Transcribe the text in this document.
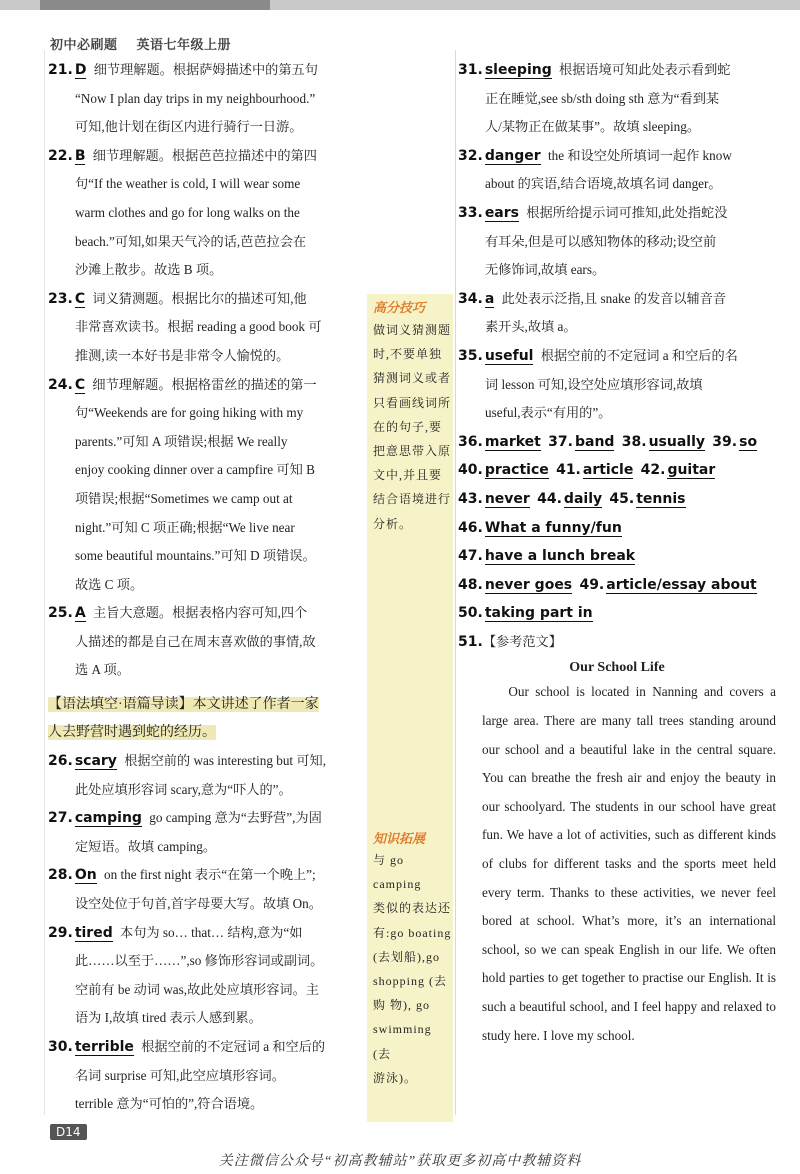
初中必刷题 英语七年级上册
高分技巧
做词义猜测题
时,不要单独
猜测词义或者
只看画线词所
在的句子,要
把意思带入原
文中,并且要
结合语境进行
分析。
知识拓展
与 go camping
类似的表达还
有:go boating
(去划船),go
shopping (去
购 物), go
swimming (去
游泳)。

21. D 细节理解题。根据萨姆描述中的第五句

“Now I plan day trips in my neighbourhood.”

可知,他计划在街区内进行骑行一日游。

22. B 细节理解题。根据芭芭拉描述中的第四

句“If the weather is cold, I will wear some

warm clothes and go for long walks on the

beach.”可知,如果天气冷的话,芭芭拉会在

沙滩上散步。故选 B 项。

23. C 词义猜测题。根据比尔的描述可知,他

非常喜欢读书。根据 reading a good book 可

推测,读一本好书是非常令人愉悦的。

24. C 细节理解题。根据格雷丝的描述的第一

句“Weekends are for going hiking with my

parents.”可知 A 项错误;根据 We really

enjoy cooking dinner over a campfire 可知 B

项错误;根据“Sometimes we camp out at

night.”可知 C 项正确;根据“We live near

some beautiful mountains.”可知 D 项错误。

故选 C 项。

25. A 主旨大意题。根据表格内容可知,四个

人描述的都是自己在周末喜欢做的事情,故

选 A 项。

【语法填空·语篇导读】本文讲述了作者一家
人去野营时遇到蛇的经历。

26. scary 根据空前的 was interesting but 可知,

此处应填形容词 scary,意为“吓人的”。

27. camping go camping 意为“去野营”,为固

定短语。故填 camping。

28. On on the first night 表示“在第一个晚上”;

设空处位于句首,首字母要大写。故填 On。

29. tired 本句为 so… that… 结构,意为“如

此……以至于……”,so 修饰形容词或副词。

空前有 be 动词 was,故此处应填形容词。主

语为 I,故填 tired 表示人感到累。

30. terrible 根据空前的不定冠词 a 和空后的

名词 surprise 可知,此空应填形容词。

terrible 意为“可怕的”,符合语境。

31. sleeping 根据语境可知此处表示看到蛇

正在睡觉,see sb/sth doing sth 意为“看到某

人/某物正在做某事”。故填 sleeping。

32. danger the 和设空处所填词一起作 know

about 的宾语,结合语境,故填名词 danger。

33. ears 根据所给提示词可推知,此处指蛇没

有耳朵,但是可以感知物体的移动;设空前

无修饰词,故填 ears。

34. a 此处表示泛指,且 snake 的发音以辅音音

素开头,故填 a。

35. useful 根据空前的不定冠词 a 和空后的名

词 lesson 可知,设空处应填形容词,故填

useful,表示“有用的”。

36. market 37. band 38. usually 39. so

40. practice 41. article 42. guitar

43. never 44. daily 45. tennis

46. What a funny/fun

47. have a lunch break

48. never goes 49. article/essay about

50. taking part in

51.【参考范文】

Our School Life

Our school is located in Nanning and covers a large area. There are many tall trees standing around our school and a beautiful lake in the central square. You can breathe the fresh air and enjoy the beauty in our schoolyard. The students in our school have great fun. We have a lot of activities, such as different kinds of clubs for different tasks and the sports meet held every term. Thanks to these activities, we never feel bored at school. What’s more, it’s an international school, so we can speak English in our life. We often hold parties to get together to practise our English. It is such a beautiful school, and I feel happy and relaxed to study here. I love my school.

D14
关注微信公众号“初高教辅站”获取更多初高中教辅资料
